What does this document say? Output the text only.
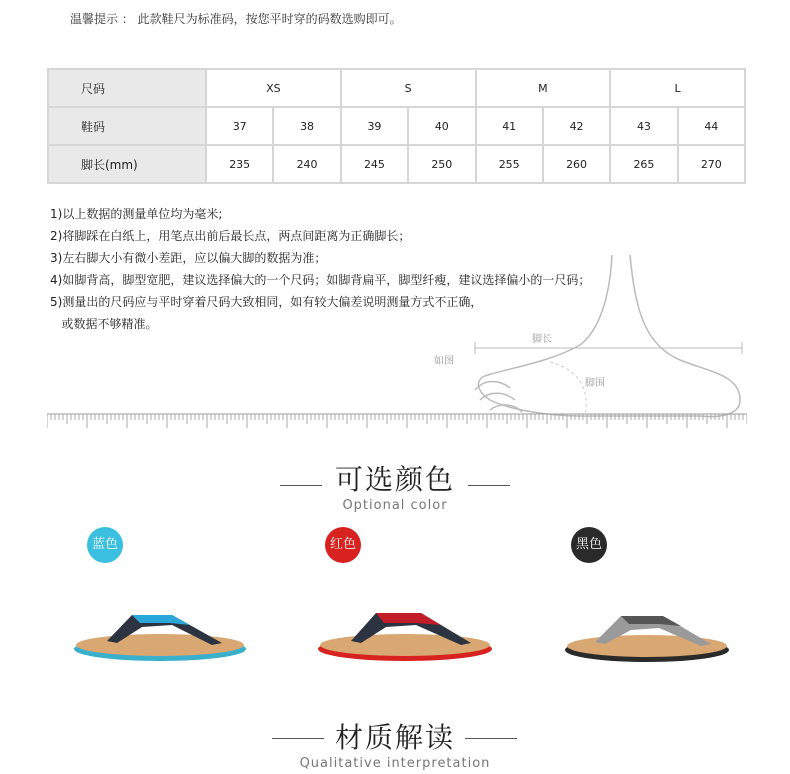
温馨提示 ： 此款鞋尺为标准码，按您平时穿的码数选购即可。
尺码	XS		S		M		L	
鞋码	37	38	39	40	41	42	43	44
脚长(mm)	235	240	245	250	255	260	265	270
1)以上数据的测量单位均为毫米;
2)将脚踩在白纸上，用笔点出前后最长点，两点间距离为正确脚长；
3)左右脚大小有微小差距，应以偏大脚的数据为准；
4)如脚背高，脚型宽肥，建议选择偏大的一个尺码；如脚背扁平，脚型纤瘦，建议选择偏小的一尺码；
5)测量出的尺码应与平时穿着尺码大致相同，如有较大偏差说明测量方式不正确，
或数据不够精准。
脚长
脚围
如图
可选颜色
Optional color
蓝色	红色	黑色
材质解读
Qualitative interpretation
